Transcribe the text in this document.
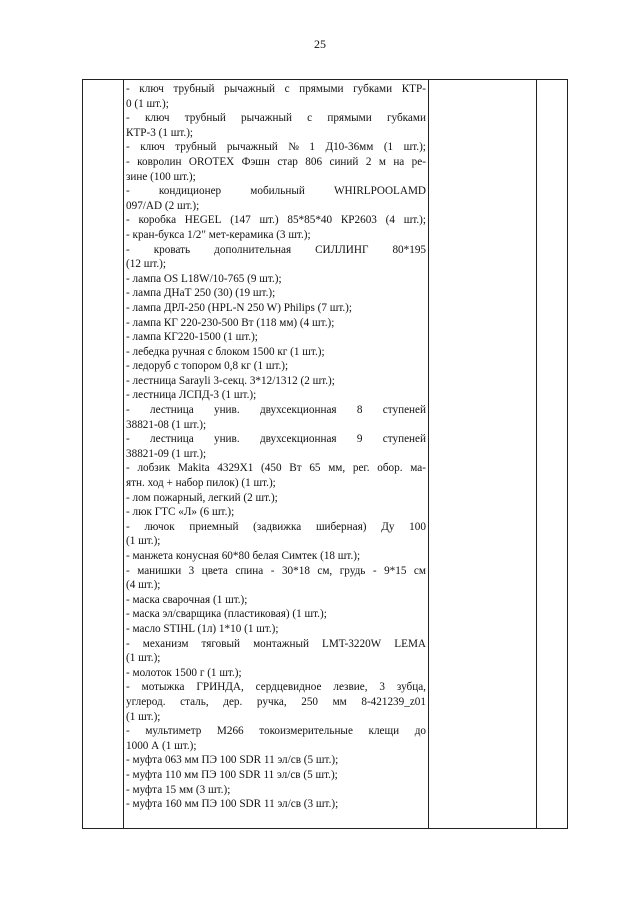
25
- ключ трубный рычажный с прямыми губками КТР-
0 (1 шт.);
- ключ трубный рычажный с прямыми губками
КТР-3 (1 шт.);
- ключ трубный рычажный № 1 Д10-36мм (1 шт.);
- ковролин OROTEX Фэшн стар 806 синий 2 м на ре-
зине (100 шт.);
-	кондиционер	мобильный	WHIRLPOOLAMD
097/AD (2 шт.);
- коробка HEGEL (147 шт.) 85*85*40 КР2603 (4 шт.);
- кран-букса 1/2" мет-керамика (3 шт.);
- кровать дополнительная СИЛЛИНГ 80*195
(12 шт.);
- лампа OS L18W/10-765 (9 шт.);
- лампа ДНаТ 250 (30) (19 шт.);
- лампа ДРЛ-250 (HPL-N 250 W) Philips (7 шт.);
- лампа КГ 220-230-500 Вт (118 мм) (4 шт.);
- лампа КГ220-1500 (1 шт.);
- лебедка ручная с блоком 1500 кг (1 шт.);
- ледоруб с топором 0,8 кг (1 шт.);
- лестница Sarayli 3-секц. 3*12/1312 (2 шт.);
- лестница ЛСПД-3 (1 шт.);
- лестница унив. двухсекционная 8 ступеней
38821-08 (1 шт.);
- лестница унив. двухсекционная 9 ступеней
38821-09 (1 шт.);
- лобзик Makita 4329X1 (450 Вт 65 мм, рег. обор. ма-
ятн. ход + набор пилок) (1 шт.);
- лом пожарный, легкий (2 шт.);
- люк ГТС «Л» (6 шт.);
- лючок приемный (задвижка шиберная) Ду 100
(1 шт.);
- манжета конусная 60*80 белая Симтек (18 шт.);
- манишки 3 цвета спина - 30*18 см, грудь - 9*15 см
(4 шт.);
- маска сварочная (1 шт.);
- маска эл/сварщика (пластиковая) (1 шт.);
- масло STIHL (1л) 1*10 (1 шт.);
- механизм тяговый монтажный LMT-3220W LEMA
(1 шт.);
- молоток 1500 г (1 шт.);
- мотыжка ГРИНДА, сердцевидное лезвие, 3 зубца,
углерод. сталь, дер. ручка, 250 мм 8-421239_z01
(1 шт.);
- мультиметр М266 токоизмерительные клещи до
1000 А (1 шт.);
- муфта 063 мм ПЭ 100 SDR 11 эл/св (5 шт.);
- муфта 110 мм ПЭ 100 SDR 11 эл/св (5 шт.);
- муфта 15 мм (3 шт.);
- муфта 160 мм ПЭ 100 SDR 11 эл/св (3 шт.);
